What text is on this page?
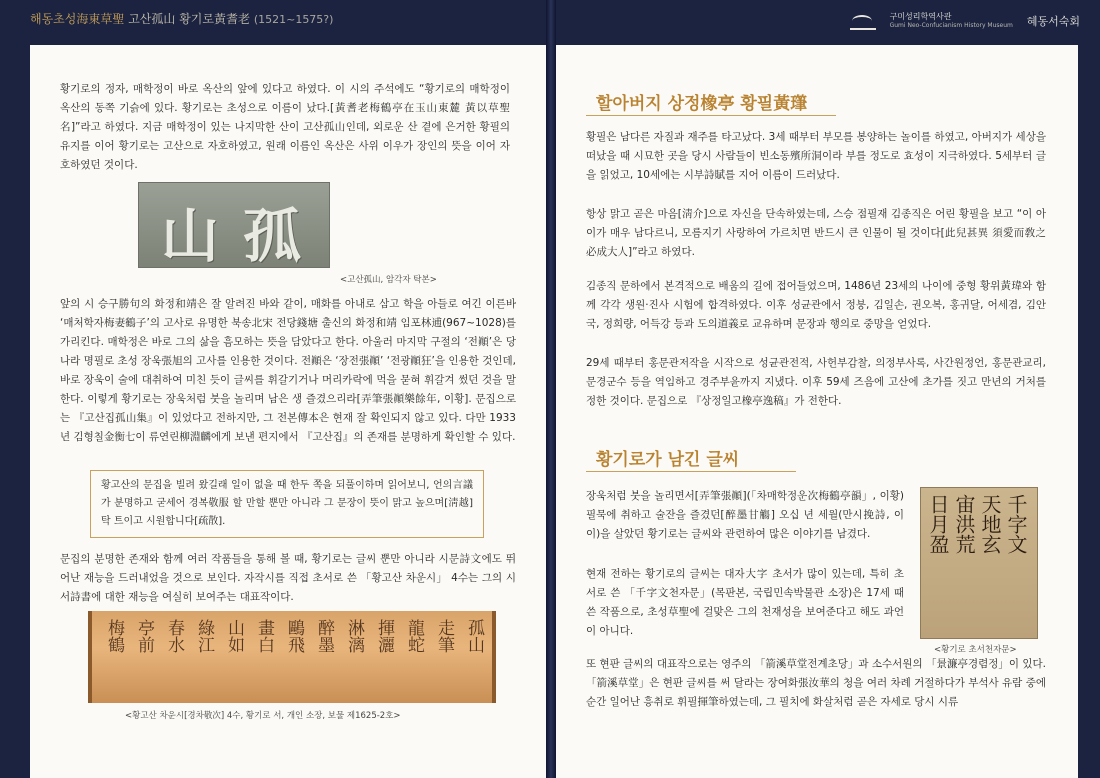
해동초성海東草聖 고산孤山 황기로黃耆老 (1521~1575?)	구미성리학역사관
Gumi Neo-Confucianism History Museum 혜동서숙회

황기로의 정자, 매학정이 바로 옥산의 앞에 있다고 하였다. 이 시의 주석에도 “황기로의 매학정이 옥산의 동쪽 기슭에 있다. 황기로는 초성으로 이름이 났다.[黃耆老梅鶴亭在玉山東麓 黃以草聖名]”라고 하였다. 지금 매학정이 있는 나지막한 산이 고산孤山인데, 외로운 산 곁에 은거한 황필의 유지를 이어 황기로는 고산으로 자호하였고, 원래 이름인 옥산은 사위 이우가 장인의 뜻을 이어 자호하였던 것이다.

山 孤
<고산孤山, 암각자 탁본>

앞의 시 승구勝句의 화정和靖은 잘 알려진 바와 같이, 매화를 아내로 삼고 학을 아들로 여긴 이른바 ‘매처학자梅妻鶴子’의 고사로 유명한 북송北宋 전당錢塘 출신의 화정和靖 임포林逋(967~1028)를 가리킨다. 매학정은 바로 그의 삶을 흠모하는 뜻을 담았다고 한다. 아울러 마지막 구절의 ‘전顚’은 당나라 명필로 초성 장욱張旭의 고사를 인용한 것이다. 전顚은 ‘장전張顚’ ‘전광顚狂’을 인용한 것인데, 바로 장욱이 술에 대취하여 미친 듯이 글씨를 휘갈기거나 머리카락에 먹을 묻혀 휘갈겨 썼던 것을 말한다. 이렇게 황기로는 장욱처럼 붓을 놀리며 남은 생 즐겼으리라[弄筆張顚樂餘年, 이황]. 문집으로는 『고산집孤山集』이 있었다고 전하지만, 그 전본傳本은 현재 잘 확인되지 않고 있다. 다만 1933년 김형칠金衡七이 류연린柳淵麟에게 보낸 편지에서 『고산집』의 존재를 분명하게 확인할 수 있다.

황고산의 문집을 빌려 왔길래 일이 없을 때 한두 쪽을 되풀이하며 읽어보니, 언의言議가 분명하고 굳세어 경복敬服 할 만할 뿐만 아니라 그 문장이 뜻이 맑고 높으며[淸越] 탁 트이고 시원합니다[疏散].

문집의 분명한 존재와 함께 여러 작품들을 통해 볼 때, 황기로는 글씨 뿐만 아니라 시문詩文에도 뛰어난 재능을 드러내었을 것으로 보인다. 자작시를 직접 초서로 쓴 「황고산 차운시」 4수는 그의 시서詩書에 대한 재능을 여실히 보여주는 대표작이다.

梅鶴 亭前 春水 綠江 山如 畫白 鷗飛 醉墨 淋漓 揮灑 龍蛇 走筆 孤山
<황고산 차운시[경차敬次] 4수, 황기로 서, 개인 소장, 보물 제1625-2호>
할아버지 상정橡亭 황필黃㻶

황필은 남다른 자질과 재주를 타고났다. 3세 때부터 부모를 봉양하는 놀이를 하였고, 아버지가 세상을 떠났을 때 시묘한 곳을 당시 사람들이 빈소동殯所洞이라 부를 정도로 효성이 지극하였다. 5세부터 글을 읽었고, 10세에는 시부詩賦를 지어 이름이 드러났다.

항상 맑고 곧은 마음[淸介]으로 자신을 단속하였는데, 스승 점필재 김종직은 어린 황필을 보고 “이 아이가 매우 남다르니, 모름지기 사랑하여 가르치면 반드시 큰 인물이 될 것이다[此兒甚異 須愛而敎之 必成大人]”라고 하였다.

김종직 문하에서 본격적으로 배움의 길에 접어들었으며, 1486년 23세의 나이에 중형 황위黃瑋와 함께 각각 생원·진사 시험에 합격하였다. 이후 성균관에서 정붕, 김일손, 권오복, 홍귀달, 어세겸, 김안국, 정희량, 어득강 등과 도의道義로 교유하며 문장과 행의로 중망을 얻었다.

29세 때부터 홍문관저작을 시작으로 성균관전적, 사헌부감찰, 의정부사록, 사간원정언, 홍문관교리, 문경군수 등을 역임하고 경주부윤까지 지냈다. 이후 59세 즈음에 고산에 초가를 짓고 만년의 거처를 정한 것이다. 문집으로 『상정일고橡亭逸稿』가 전한다.

황기로가 남긴 글씨

장욱처럼 붓을 놀리면서[弄筆張顚](「차매학정운次梅鶴亭韻」, 이황) 필묵에 취하고 술잔을 즐겼던[醉墨甘觴] 오십 년 세월(만시挽詩, 이이)을 살았던 황기로는 글씨와 관련하여 많은 이야기를 남겼다.

현재 전하는 황기로의 글씨는 대자大字 초서가 많이 있는데, 특히 초서로 쓴 「千字文천자문」(목판본, 국립민속박물관 소장)은 17세 때 쓴 작품으로, 초성草聖에 걸맞은 그의 천재성을 보여준다고 해도 과언이 아니다.

千字文
天地玄
宙洪荒
日月盈
<황기로 초서천자문>

또 현판 글씨의 대표작으로는 영주의 「箭溪草堂전계초당」과 소수서원의 「景濂亭경렴정」이 있다. 「箭溪草堂」은 현판 글씨를 써 달라는 장여화張汝華의 청을 여러 차례 거절하다가 부석사 유람 중에 순간 일어난 흥취로 휘필揮筆하였는데, 그 필치에 화살처럼 곧은 자세로 당시 시류
